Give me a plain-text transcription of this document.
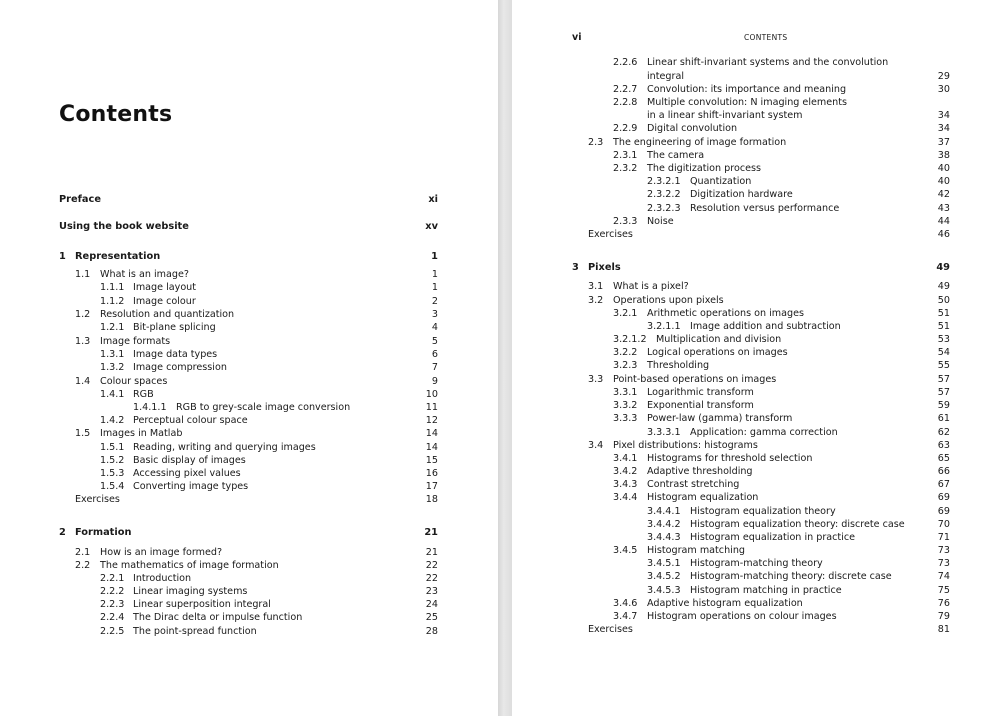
Contents
Preface	xi
Using the book website	xv
1 Representation	1
1.1 What is an image?	1
1.1.1 Image layout	1
1.1.2 Image colour	2
1.2 Resolution and quantization	3
1.2.1 Bit-plane splicing	4
1.3 Image formats	5
1.3.1 Image data types	6
1.3.2 Image compression	7
1.4 Colour spaces	9
1.4.1 RGB	10
1.4.1.1 RGB to grey-scale image conversion	11
1.4.2 Perceptual colour space	12
1.5 Images in Matlab	14
1.5.1 Reading, writing and querying images	14
1.5.2 Basic display of images	15
1.5.3 Accessing pixel values	16
1.5.4 Converting image types	17
Exercises	18
2 Formation	21
2.1 How is an image formed?	21
2.2 The mathematics of image formation	22
2.2.1 Introduction	22
2.2.2 Linear imaging systems	23
2.2.3 Linear superposition integral	24
2.2.4 The Dirac delta or impulse function	25
2.2.5 The point-spread function	28
2.2.6 Linear shift-invariant systems and the convolution
integral	29
2.2.7 Convolution: its importance and meaning	30
2.2.8 Multiple convolution: N imaging elements
in a linear shift-invariant system	34
2.2.9 Digital convolution	34
2.3 The engineering of image formation	37
2.3.1 The camera	38
2.3.2 The digitization process	40
2.3.2.1 Quantization	40
2.3.2.2 Digitization hardware	42
2.3.2.3 Resolution versus performance	43
2.3.3 Noise	44
Exercises	46
3 Pixels	49
3.1 What is a pixel?	49
3.2 Operations upon pixels	50
3.2.1 Arithmetic operations on images	51
3.2.1.1 Image addition and subtraction	51
3.2.1.2 Multiplication and division	53
3.2.2 Logical operations on images	54
3.2.3 Thresholding	55
3.3 Point-based operations on images	57
3.3.1 Logarithmic transform	57
3.3.2 Exponential transform	59
3.3.3 Power-law (gamma) transform	61
3.3.3.1 Application: gamma correction	62
3.4 Pixel distributions: histograms	63
3.4.1 Histograms for threshold selection	65
3.4.2 Adaptive thresholding	66
3.4.3 Contrast stretching	67
3.4.4 Histogram equalization	69
3.4.4.1 Histogram equalization theory	69
3.4.4.2 Histogram equalization theory: discrete case	70
3.4.4.3 Histogram equalization in practice	71
3.4.5 Histogram matching	73
3.4.5.1 Histogram-matching theory	73
3.4.5.2 Histogram-matching theory: discrete case	74
3.4.5.3 Histogram matching in practice	75
3.4.6 Adaptive histogram equalization	76
3.4.7 Histogram operations on colour images	79
Exercises	81
vi	CONTENTS
